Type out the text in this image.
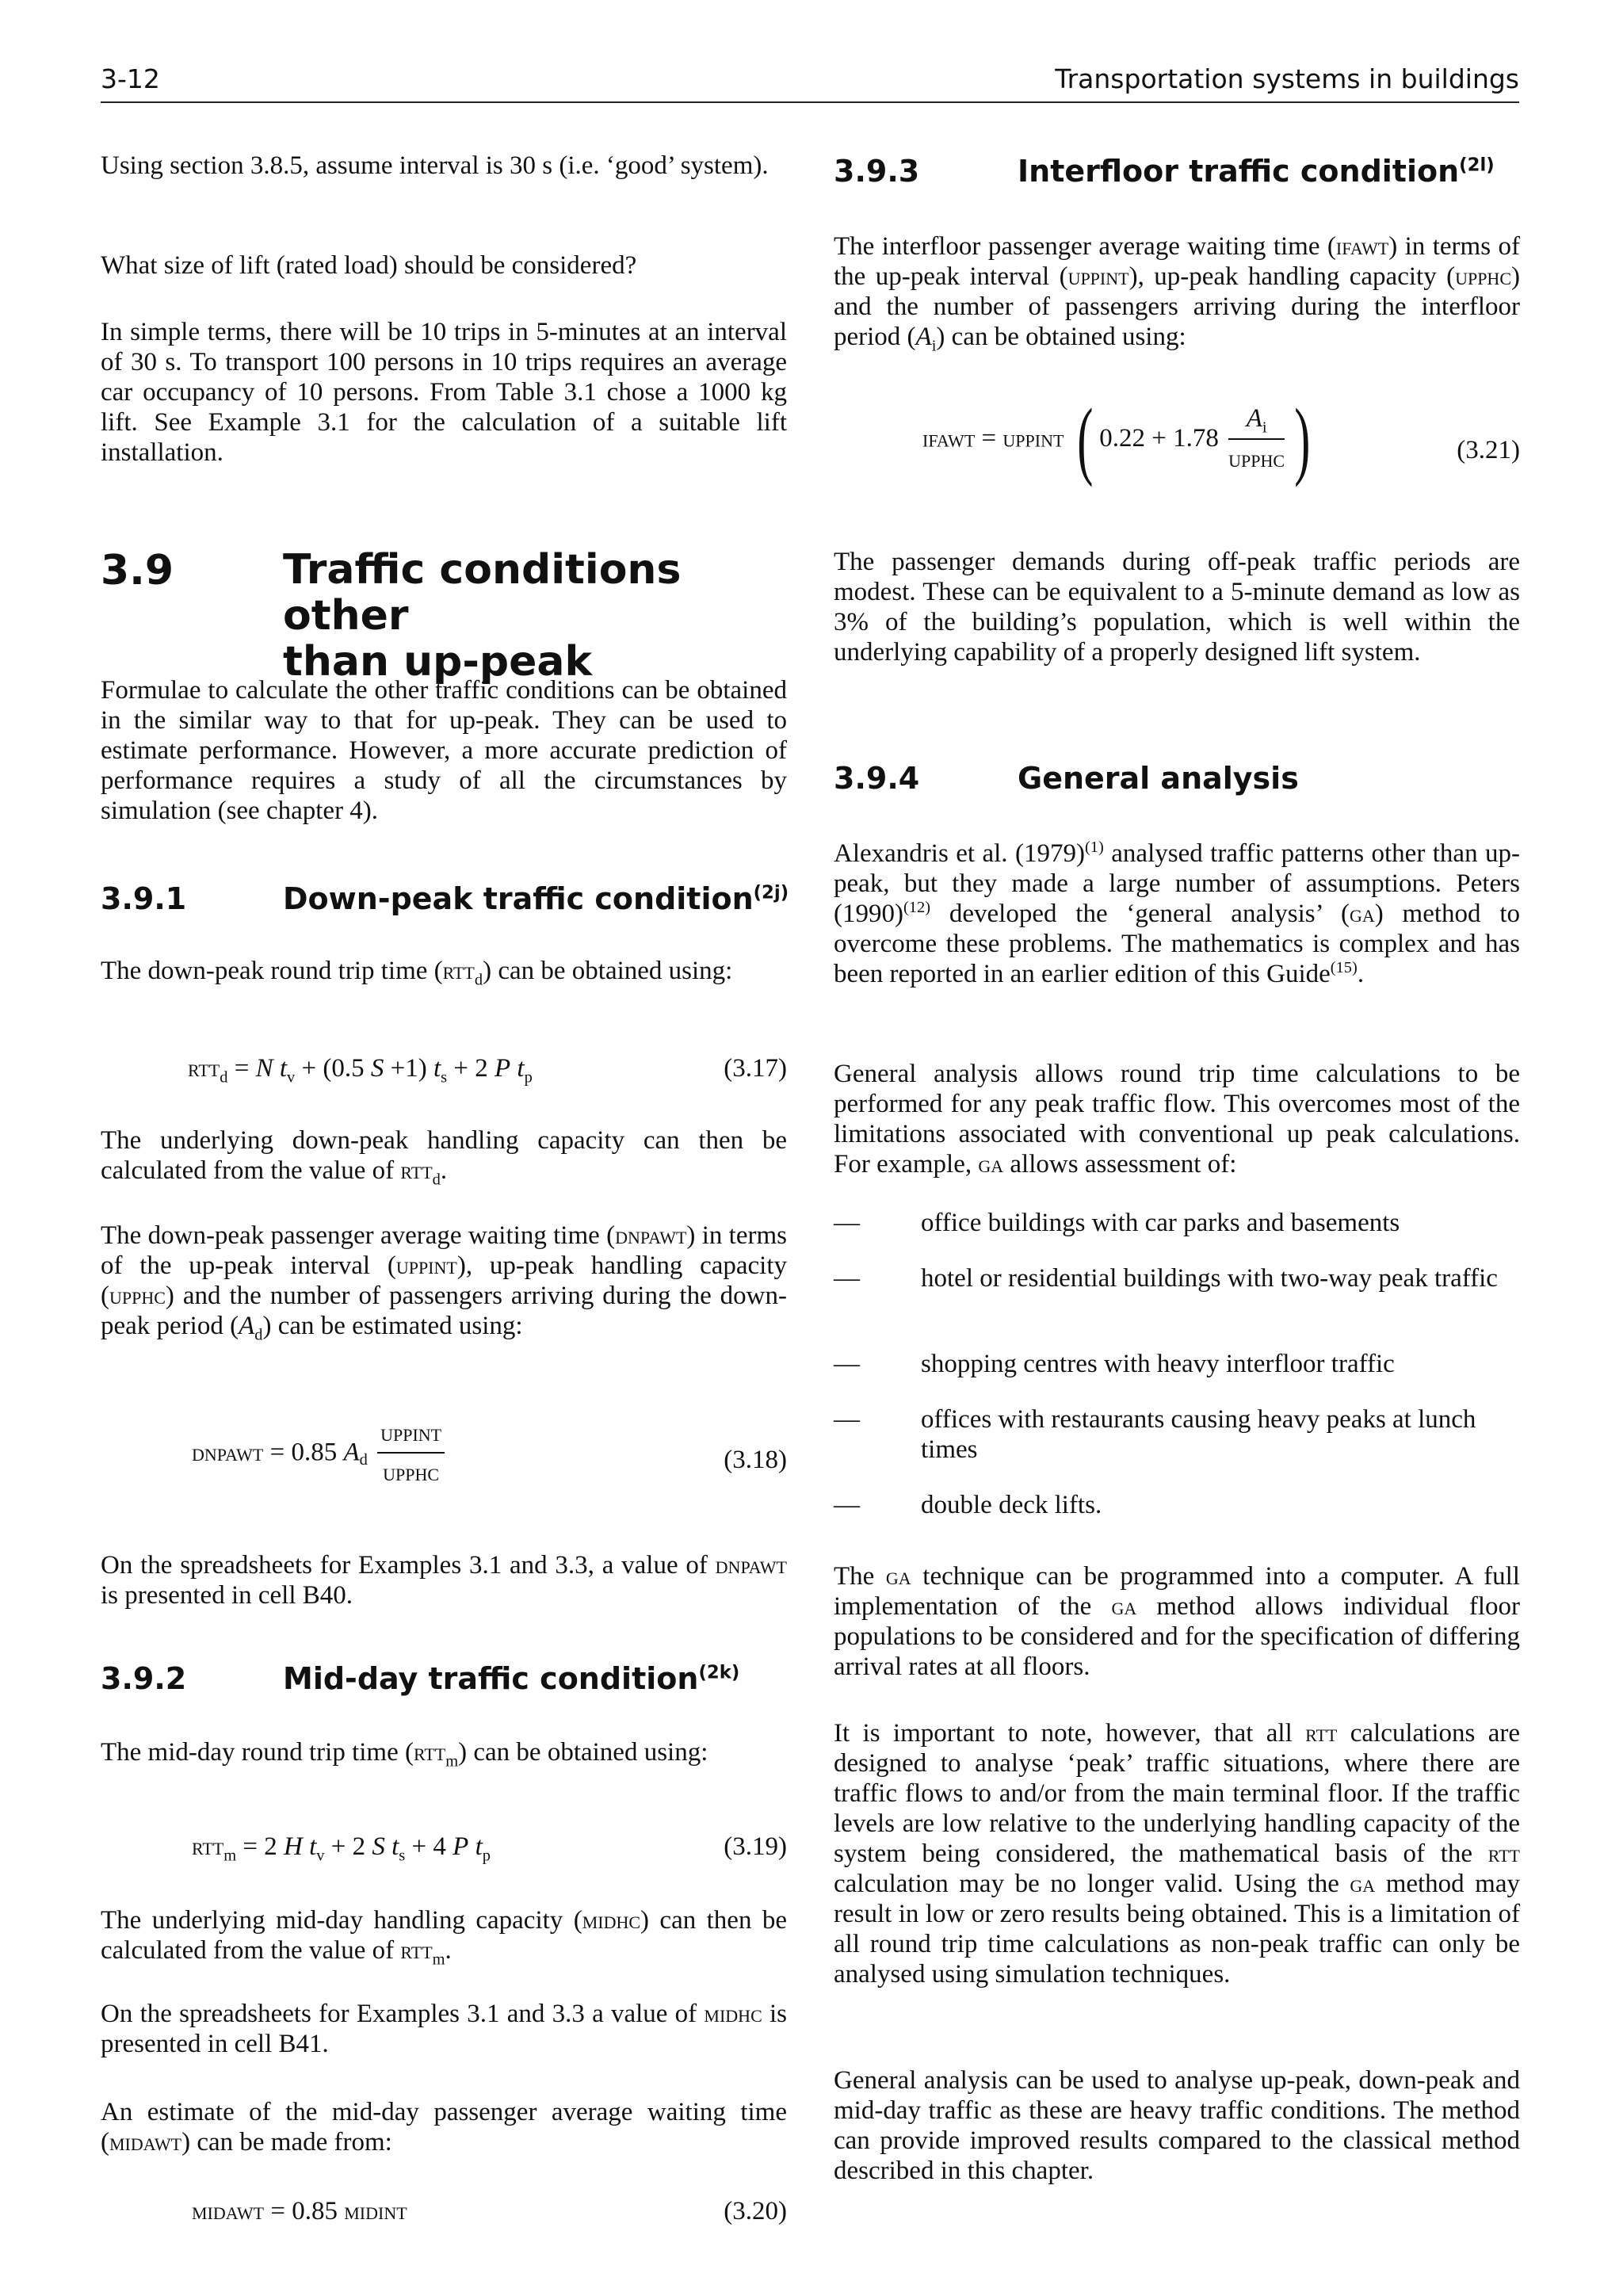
3-12	Transportation systems in buildings

Using section 3.8.5, assume interval is 30 s (i.e. ‘good’ system).

What size of lift (rated load) should be considered?

In simple terms, there will be 10 trips in 5-minutes at an interval of 30 s. To transport 100 persons in 10 trips requires an average car occupancy of 10 persons. From Table 3.1 chose a 1000 kg lift. See Example 3.1 for the calculation of a suitable lift installation.

3.9	Traffic conditions other
than up-peak

Formulae to calculate the other traffic conditions can be obtained in the similar way to that for up-peak. They can be used to estimate performance. However, a more accurate prediction of performance requires a study of all the circumstances by simulation (see chapter 4).

3.9.1	Down-peak traffic condition$^{(2j)}$

The down-peak round trip time (rtt$_d$) can be obtained using:

rtt$_d$ = N $t_v + (0.5$ S +1) $t_s + 2$ P $t_p$	(3.17)

The underlying down-peak handling capacity can then be calculated from the value of rtt$_d$.

The down-peak passenger average waiting time (dnpawt) in terms of the up-peak interval (uppint), up-peak handling capacity (upphc) and the number of passengers arriving during the down-peak period $(A_d)$ can be estimated using:

dnpawt = 0.85 $A_d \frac{\text{uppint}}{\text{upphc}}$	(3.18)

On the spreadsheets for Examples 3.1 and 3.3, a value of dnpawt is presented in cell B40.

3.9.2	Mid-day traffic condition$^{(2k)}$

The mid-day round trip time (rtt$_m$) can be obtained using:

rtt$_m$ = 2 H $t_v + 2$ S $t_s + 4$ P $t_p$	(3.19)

The underlying mid-day handling capacity (midhc) can then be calculated from the value of rtt$_m$.

On the spreadsheets for Examples 3.1 and 3.3 a value of midhc is presented in cell B41.

An estimate of the mid-day passenger average waiting time (midawt) can be made from:

midawt = 0.85 midint	(3.20)
3.9.3	Interfloor traffic condition$^{(2l)}$

The interfloor passenger average waiting time (ifawt) in terms of the up-peak interval (uppint), up-peak handling capacity (upphc) and the number of passengers arriving during the interfloor period $(A_i)$ can be obtained using:

ifawt = uppint ( $0.22 + 1.78 \frac{A_i}{\text{upphc}}$ )	(3.21)

The passenger demands during off-peak traffic periods are modest. These can be equivalent to a 5-minute demand as low as 3% of the building’s population, which is well within the underlying capability of a properly designed lift system.

3.9.4	General analysis

Alexandris et al. $(1979)^{(1)}$ analysed traffic patterns other than up-peak, but they made a large number of assumptions. Peters $(1990)^{(12)}$ developed the ‘general analysis’ (ga) method to overcome these problems. The mathematics is complex and has been reported in an earlier edition of this Guide$^{(15)}$.

General analysis allows round trip time calculations to be performed for any peak traffic flow. This overcomes most of the limitations associated with conventional up peak calculations. For example, ga allows assessment of:

— office buildings with car parks and basements
— hotel or residential buildings with two-way peak traffic
— shopping centres with heavy interfloor traffic
— offices with restaurants causing heavy peaks at lunch times
— double deck lifts.

The ga technique can be programmed into a computer. A full implementation of the ga method allows individual floor populations to be considered and for the specification of differing arrival rates at all floors.

It is important to note, however, that all rtt calculations are designed to analyse ‘peak’ traffic situations, where there are traffic flows to and/or from the main terminal floor. If the traffic levels are low relative to the underlying handling capacity of the system being considered, the mathematical basis of the rtt calculation may be no longer valid. Using the ga method may result in low or zero results being obtained. This is a limitation of all round trip time calculations as non-peak traffic can only be analysed using simulation techniques.

General analysis can be used to analyse up-peak, down-peak and mid-day traffic as these are heavy traffic conditions. The method can provide improved results compared to the classical method described in this chapter.
